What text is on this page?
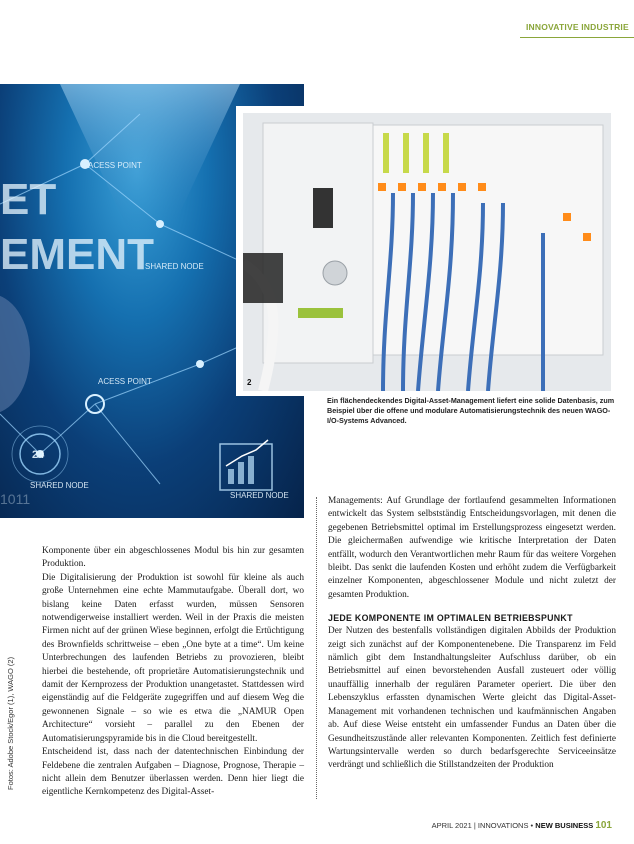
INNOVATIVE INDUSTRIE
ET
EMENT
ACESS POINT
SHARED NODE
ACESS POINT
SHARED NODE
SHARED NODE
24
1011
2
Ein flächendeckendes Digital-Asset-Management liefert eine solide Datenbasis, zum Beispiel über die offene und modulare Automatisierungstechnik des neuen WAGO-I/O-Systems Advanced.
Fotos: Adobe Stock/Egor (1), WAGO (2)

Komponente über ein abgeschlossenes Modul bis hin zur gesamten Produktion.

Die Digitalisierung der Produktion ist sowohl für kleine als auch große Unternehmen eine echte Mammutaufgabe. Überall dort, wo bislang keine Daten erfasst wurden, müssen Sensoren notwendigerweise installiert werden. Weil in der Praxis die meisten Firmen nicht auf der grünen Wiese beginnen, erfolgt die Ertüchtigung des Brownfields schrittweise – eben „One byte at a time“. Um keine Unterbrechungen des laufenden Betriebs zu provozieren, bleibt hierbei die bestehende, oft proprietäre Automatisierungstechnik und damit der Kernprozess der Produktion unangetastet. Stattdessen wird eigenständig auf die Feldgeräte zugegriffen und auf diesem Weg die gewonnenen Signale – so wie es etwa die „NAMUR Open Architecture“ vorsieht – parallel zu den Ebenen der Automatisierungspyramide bis in die Cloud bereitgestellt.

Entscheidend ist, dass nach der datentechnischen Einbindung der Feldebene die zentralen Aufgaben – Diagnose, Prognose, Therapie – nicht allein dem Benutzer überlassen werden. Denn hier liegt die eigentliche Kernkompetenz des Digital-Asset-

Managements: Auf Grundlage der fortlaufend gesammelten Informationen entwickelt das System selbstständig Entscheidungsvorlagen, mit denen die gegebenen Betriebsmittel optimal im Erstellungsprozess eingesetzt werden. Die gleichermaßen aufwendige wie kritische Interpretation der Daten entfällt, wodurch den Verantwortlichen mehr Raum für das weitere Vorgehen bleibt. Das senkt die laufenden Kosten und erhöht zudem die Verfügbarkeit einzelner Komponenten, abgeschlossener Module und nicht zuletzt der gesamten Produktion.

JEDE KOMPONENTE IM OPTIMALEN BETRIEBSPUNKT

Der Nutzen des bestenfalls vollständigen digitalen Abbilds der Produktion zeigt sich zunächst auf der Komponentenebene. Die Transparenz im Feld nämlich gibt dem Instandhaltungsleiter Aufschluss darüber, ob ein Betriebsmittel auf einen bevorstehenden Ausfall zusteuert oder völlig unauffällig innerhalb der regulären Parameter operiert. Die über den Lebenszyklus erfassten dynamischen Werte gleicht das Digital-Asset-Management mit vorhandenen technischen und kaufmännischen Angaben ab. Auf diese Weise entsteht ein umfassender Fundus an Daten über die Gesundheitszustände aller relevanten Komponenten. Zeitlich fest definierte Wartungsintervalle werden so durch bedarfsgerechte Serviceeinsätze verdrängt und schließlich die Stillstandzeiten der Produktion

APRIL 2021 | INNOVATIONS • NEW BUSINESS 101
